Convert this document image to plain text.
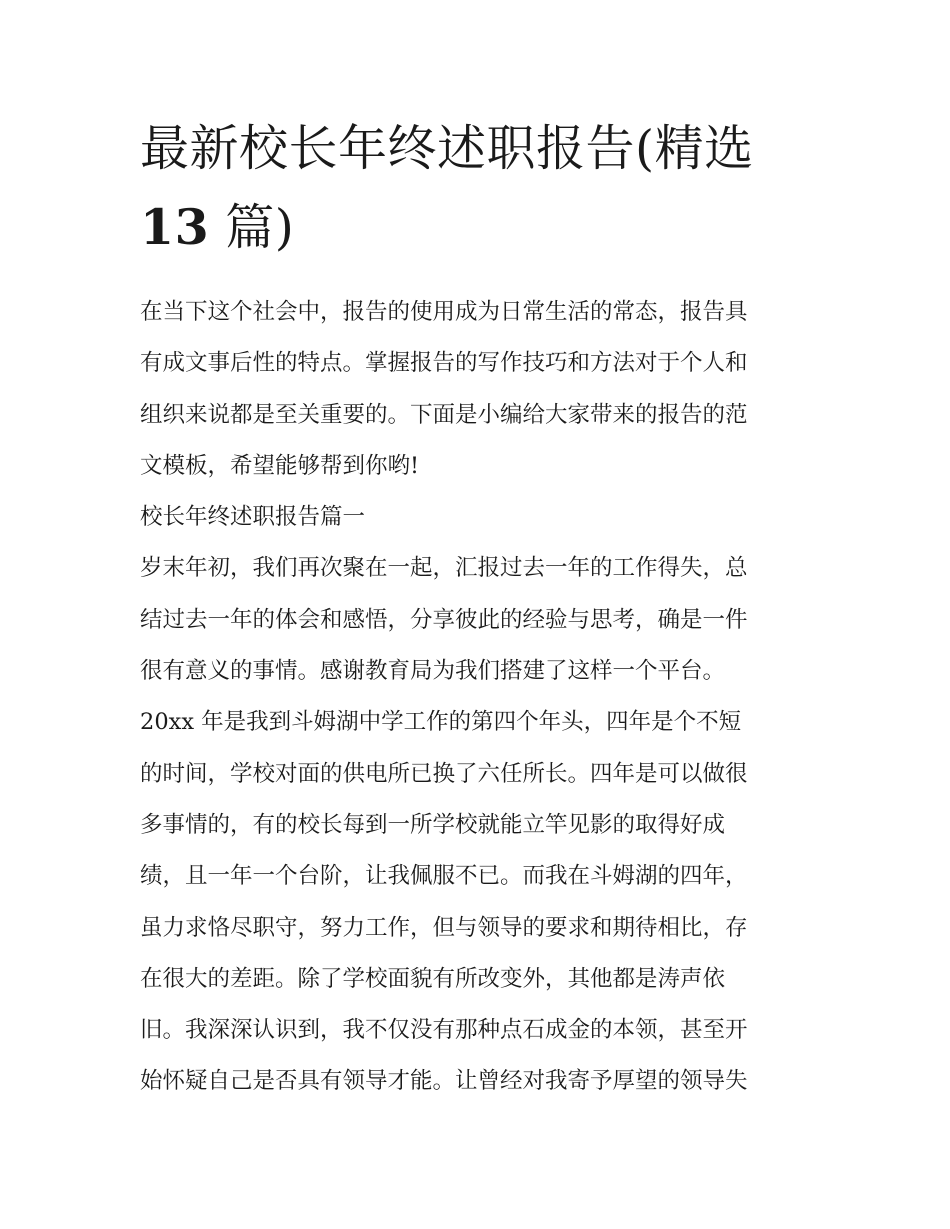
最新校长年终述职报告(精选
13 篇)

在当下这个社会中，报告的使用成为日常生活的常态，报告具
有成文事后性的特点。掌握报告的写作技巧和方法对于个人和
组织来说都是至关重要的。下面是小编给大家带来的报告的范
文模板，希望能够帮到你哟!

校长年终述职报告篇一

岁末年初，我们再次聚在一起，汇报过去一年的工作得失，总
结过去一年的体会和感悟，分享彼此的经验与思考，确是一件
很有意义的事情。感谢教育局为我们搭建了这样一个平台。

20xx 年是我到斗姆湖中学工作的第四个年头，四年是个不短
的时间，学校对面的供电所已换了六任所长。四年是可以做很
多事情的，有的校长每到一所学校就能立竿见影的取得好成
绩，且一年一个台阶，让我佩服不已。而我在斗姆湖的四年，
虽力求恪尽职守，努力工作，但与领导的要求和期待相比，存
在很大的差距。除了学校面貌有所改变外，其他都是涛声依
旧。我深深认识到，我不仅没有那种点石成金的本领，甚至开
始怀疑自己是否具有领导才能。让曾经对我寄予厚望的领导失
